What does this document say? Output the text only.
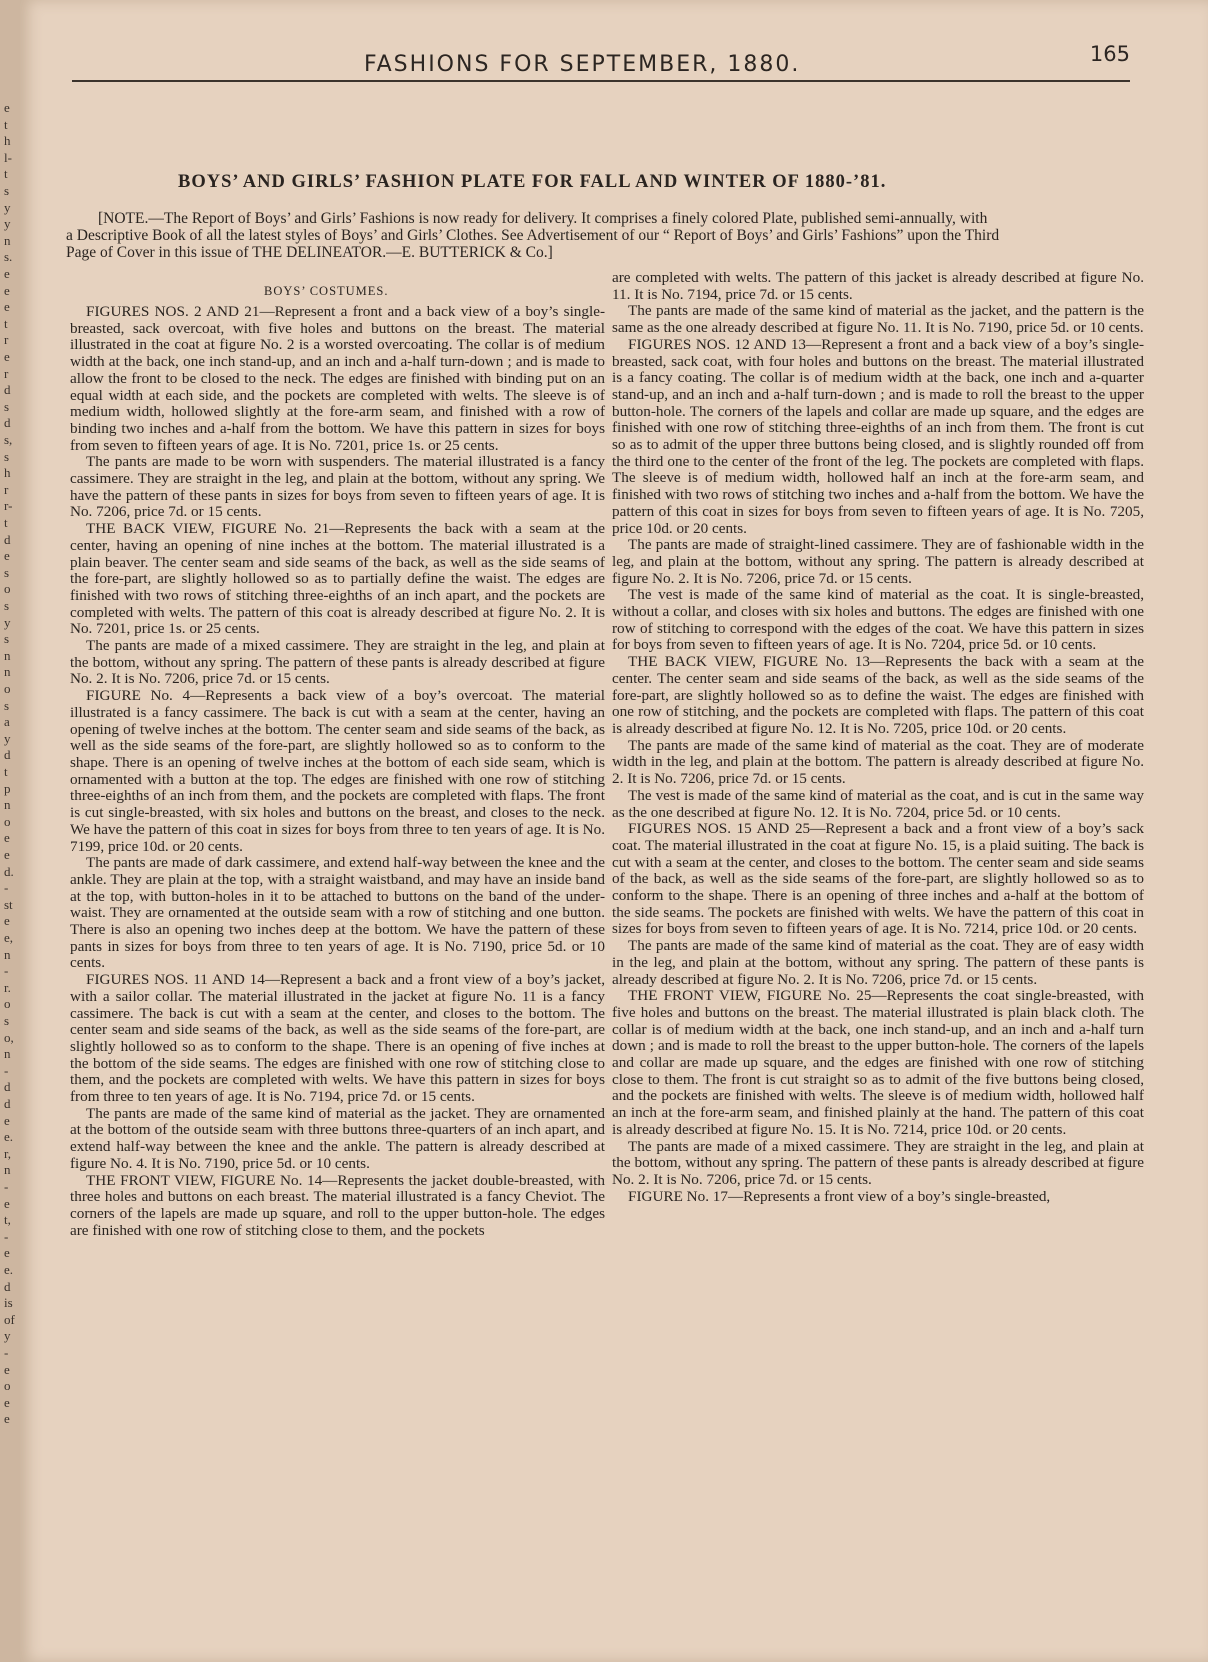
e
t
h
l-
t
s
y
y
n
s.
e
e
e
t
r
e
r
d
s
d
s,
s
h
r
r-
t
d
e
s
o
s
y
s
n
n
o
s
a
y
d
t
p
n
o
e
e
d.
-
st
e
e,
n
-
r.
o
s
o,
n
-
d
d
e
e.
r,
n
-
e
t,
-
e
e.
d
is
of
y
-
e
o
e
e
FASHIONS FOR SEPTEMBER, 1880.	165
BOYS’ AND GIRLS’ FASHION PLATE FOR FALL AND WINTER OF 1880-’81.
[NOTE.—The Report of Boys’ and Girls’ Fashions is now ready for delivery. It comprises a finely colored Plate, published semi-annually, with
a Descriptive Book of all the latest styles of Boys’ and Girls’ Clothes. See Advertisement of our “ Report of Boys’ and Girls’ Fashions” upon the Third
Page of Cover in this issue of THE DELINEATOR.—E. BUTTERICK & Co.]
BOYS’ COSTUMES.

FIGURES NOS. 2 AND 21—Represent a front and a back view of a boy’s single-breasted, sack overcoat, with five holes and buttons on the breast. The material illustrated in the coat at figure No. 2 is a worsted overcoating. The collar is of medium width at the back, one inch stand-up, and an inch and a-half turn-down ; and is made to allow the front to be closed to the neck. The edges are finished with binding put on an equal width at each side, and the pockets are completed with welts. The sleeve is of medium width, hollowed slightly at the fore-arm seam, and finished with a row of binding two inches and a-half from the bottom. We have this pattern in sizes for boys from seven to fifteen years of age. It is No. 7201, price 1s. or 25 cents.

The pants are made to be worn with suspenders. The material illustrated is a fancy cassimere. They are straight in the leg, and plain at the bottom, without any spring. We have the pattern of these pants in sizes for boys from seven to fifteen years of age. It is No. 7206, price 7d. or 15 cents.

THE BACK VIEW, FIGURE No. 21—Represents the back with a seam at the center, having an opening of nine inches at the bottom. The material illustrated is a plain beaver. The center seam and side seams of the back, as well as the side seams of the fore-part, are slightly hollowed so as to partially define the waist. The edges are finished with two rows of stitching three-eighths of an inch apart, and the pockets are completed with welts. The pattern of this coat is already described at figure No. 2. It is No. 7201, price 1s. or 25 cents.

The pants are made of a mixed cassimere. They are straight in the leg, and plain at the bottom, without any spring. The pattern of these pants is already described at figure No. 2. It is No. 7206, price 7d. or 15 cents.

FIGURE No. 4—Represents a back view of a boy’s overcoat. The material illustrated is a fancy cassimere. The back is cut with a seam at the center, having an opening of twelve inches at the bottom. The center seam and side seams of the back, as well as the side seams of the fore-part, are slightly hollowed so as to conform to the shape. There is an opening of twelve inches at the bottom of each side seam, which is ornamented with a button at the top. The edges are finished with one row of stitching three-eighths of an inch from them, and the pockets are completed with flaps. The front is cut single-breasted, with six holes and buttons on the breast, and closes to the neck. We have the pattern of this coat in sizes for boys from three to ten years of age. It is No. 7199, price 10d. or 20 cents.

The pants are made of dark cassimere, and extend half-way between the knee and the ankle. They are plain at the top, with a straight waistband, and may have an inside band at the top, with button-holes in it to be attached to buttons on the band of the under-waist. They are ornamented at the outside seam with a row of stitching and one button. There is also an opening two inches deep at the bottom. We have the pattern of these pants in sizes for boys from three to ten years of age. It is No. 7190, price 5d. or 10 cents.

FIGURES NOS. 11 AND 14—Represent a back and a front view of a boy’s jacket, with a sailor collar. The material illustrated in the jacket at figure No. 11 is a fancy cassimere. The back is cut with a seam at the center, and closes to the bottom. The center seam and side seams of the back, as well as the side seams of the fore-part, are slightly hollowed so as to conform to the shape. There is an opening of five inches at the bottom of the side seams. The edges are finished with one row of stitching close to them, and the pockets are completed with welts. We have this pattern in sizes for boys from three to ten years of age. It is No. 7194, price 7d. or 15 cents.

The pants are made of the same kind of material as the jacket. They are ornamented at the bottom of the outside seam with three buttons three-quarters of an inch apart, and extend half-way between the knee and the ankle. The pattern is already described at figure No. 4. It is No. 7190, price 5d. or 10 cents.

THE FRONT VIEW, FIGURE No. 14—Represents the jacket double-breasted, with three holes and buttons on each breast. The material illustrated is a fancy Cheviot. The corners of the lapels are made up square, and roll to the upper button-hole. The edges are finished with one row of stitching close to them, and the pockets

are completed with welts. The pattern of this jacket is already described at figure No. 11. It is No. 7194, price 7d. or 15 cents.

The pants are made of the same kind of material as the jacket, and the pattern is the same as the one already described at figure No. 11. It is No. 7190, price 5d. or 10 cents.

FIGURES NOS. 12 AND 13—Represent a front and a back view of a boy’s single-breasted, sack coat, with four holes and buttons on the breast. The material illustrated is a fancy coating. The collar is of medium width at the back, one inch and a-quarter stand-up, and an inch and a-half turn-down ; and is made to roll the breast to the upper button-hole. The corners of the lapels and collar are made up square, and the edges are finished with one row of stitching three-eighths of an inch from them. The front is cut so as to admit of the upper three buttons being closed, and is slightly rounded off from the third one to the center of the front of the leg. The pockets are completed with flaps. The sleeve is of medium width, hollowed half an inch at the fore-arm seam, and finished with two rows of stitching two inches and a-half from the bottom. We have the pattern of this coat in sizes for boys from seven to fifteen years of age. It is No. 7205, price 10d. or 20 cents.

The pants are made of straight-lined cassimere. They are of fashionable width in the leg, and plain at the bottom, without any spring. The pattern is already described at figure No. 2. It is No. 7206, price 7d. or 15 cents.

The vest is made of the same kind of material as the coat. It is single-breasted, without a collar, and closes with six holes and buttons. The edges are finished with one row of stitching to correspond with the edges of the coat. We have this pattern in sizes for boys from seven to fifteen years of age. It is No. 7204, price 5d. or 10 cents.

THE BACK VIEW, FIGURE No. 13—Represents the back with a seam at the center. The center seam and side seams of the back, as well as the side seams of the fore-part, are slightly hollowed so as to define the waist. The edges are finished with one row of stitching, and the pockets are completed with flaps. The pattern of this coat is already described at figure No. 12. It is No. 7205, price 10d. or 20 cents.

The pants are made of the same kind of material as the coat. They are of moderate width in the leg, and plain at the bottom. The pattern is already described at figure No. 2. It is No. 7206, price 7d. or 15 cents.

The vest is made of the same kind of material as the coat, and is cut in the same way as the one described at figure No. 12. It is No. 7204, price 5d. or 10 cents.

FIGURES NOS. 15 AND 25—Represent a back and a front view of a boy’s sack coat. The material illustrated in the coat at figure No. 15, is a plaid suiting. The back is cut with a seam at the center, and closes to the bottom. The center seam and side seams of the back, as well as the side seams of the fore-part, are slightly hollowed so as to conform to the shape. There is an opening of three inches and a-half at the bottom of the side seams. The pockets are finished with welts. We have the pattern of this coat in sizes for boys from seven to fifteen years of age. It is No. 7214, price 10d. or 20 cents.

The pants are made of the same kind of material as the coat. They are of easy width in the leg, and plain at the bottom, without any spring. The pattern of these pants is already described at figure No. 2. It is No. 7206, price 7d. or 15 cents.

THE FRONT VIEW, FIGURE No. 25—Represents the coat single-breasted, with five holes and buttons on the breast. The material illustrated is plain black cloth. The collar is of medium width at the back, one inch stand-up, and an inch and a-half turn down ; and is made to roll the breast to the upper button-hole. The corners of the lapels and collar are made up square, and the edges are finished with one row of stitching close to them. The front is cut straight so as to admit of the five buttons being closed, and the pockets are finished with welts. The sleeve is of medium width, hollowed half an inch at the fore-arm seam, and finished plainly at the hand. The pattern of this coat is already described at figure No. 15. It is No. 7214, price 10d. or 20 cents.

The pants are made of a mixed cassimere. They are straight in the leg, and plain at the bottom, without any spring. The pattern of these pants is already described at figure No. 2. It is No. 7206, price 7d. or 15 cents.

FIGURE No. 17—Represents a front view of a boy’s single-breasted,
